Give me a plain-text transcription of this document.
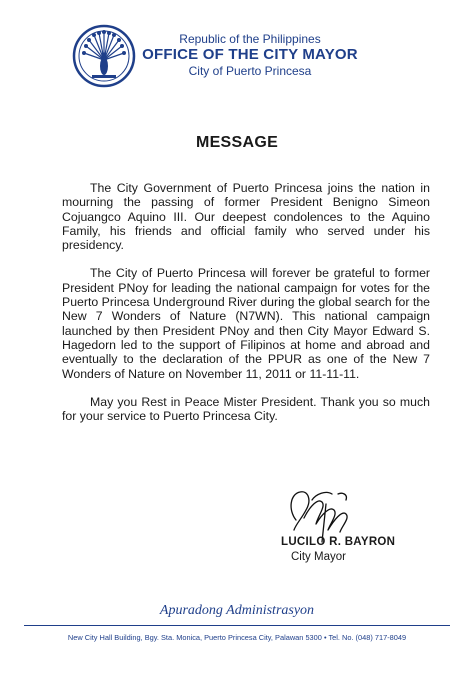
Republic of the Philippines
OFFICE OF THE CITY MAYOR
City of Puerto Princesa
MESSAGE

The City Government of Puerto Princesa joins the nation in mourning the passing of former President Benigno Simeon Cojuangco Aquino III. Our deepest condolences to the Aquino Family, his friends and official family who served under his presidency.

The City of Puerto Princesa will forever be grateful to former President PNoy for leading the national campaign for votes for the Puerto Princesa Underground River during the global search for the New 7 Wonders of Nature (N7WN). This national campaign launched by then President PNoy and then City Mayor Edward S. Hagedorn led to the support of Filipinos at home and abroad and eventually to the declaration of the PPUR as one of the New 7 Wonders of Nature on November 11, 2011 or 11-11-11.

May you Rest in Peace Mister President. Thank you so much for your service to Puerto Princesa City.

LUCILO R. BAYRON
City Mayor
Apuradong Administrasyon
New City Hall Building, Bgy. Sta. Monica, Puerto Princesa City, Palawan 5300 • Tel. No. (048) 717-8049
